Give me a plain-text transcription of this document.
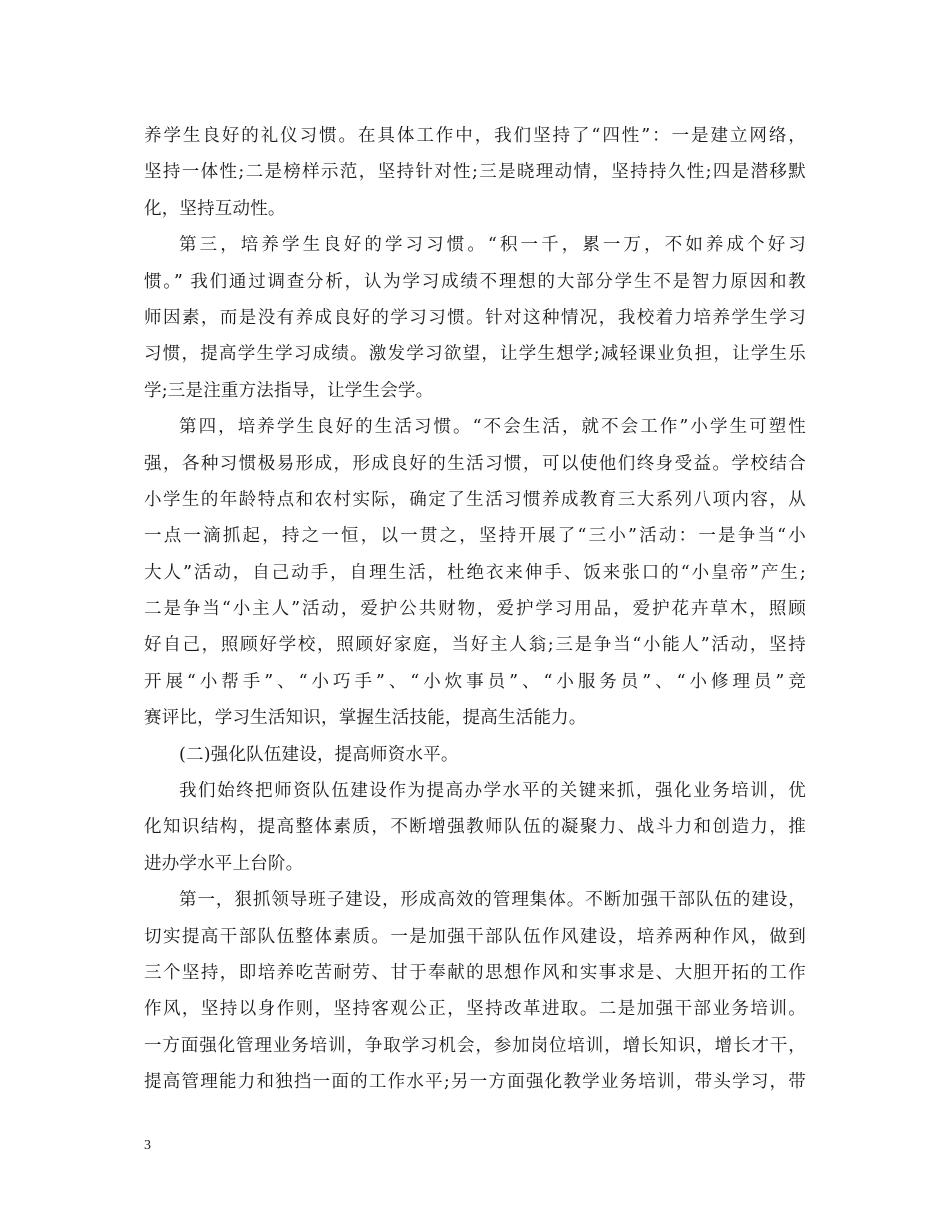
养学生良好的礼仪习惯。在具体工作中，我们坚持了“四性”：一是建立网络，
坚持一体性;二是榜样示范，坚持针对性;三是晓理动情，坚持持久性;四是潜移默
化，坚持互动性。
第三，培养学生良好的学习习惯。“积一千，累一万，不如养成个好习
惯。” 我们通过调查分析，认为学习成绩不理想的大部分学生不是智力原因和教
师因素，而是没有养成良好的学习习惯。针对这种情况，我校着力培养学生学习
习惯，提高学生学习成绩。激发学习欲望，让学生想学;减轻课业负担，让学生乐
学;三是注重方法指导，让学生会学。
第四，培养学生良好的生活习惯。“不会生活，就不会工作”小学生可塑性
强，各种习惯极易形成，形成良好的生活习惯，可以使他们终身受益。学校结合
小学生的年龄特点和农村实际，确定了生活习惯养成教育三大系列八项内容，从
一点一滴抓起，持之一恒，以一贯之，坚持开展了“三小”活动：一是争当“小
大人”活动，自己动手，自理生活，杜绝衣来伸手、饭来张口的“小皇帝”产生;
二是争当“小主人”活动，爱护公共财物，爱护学习用品，爱护花卉草木，照顾
好自己，照顾好学校，照顾好家庭，当好主人翁;三是争当“小能人”活动，坚持
开展“小帮手”、“小巧手”、“小炊事员”、“小服务员”、“小修理员”竞
赛评比，学习生活知识，掌握生活技能，提高生活能力。
(二)强化队伍建设，提高师资水平。
我们始终把师资队伍建设作为提高办学水平的关键来抓，强化业务培训，优
化知识结构，提高整体素质，不断增强教师队伍的凝聚力、战斗力和创造力，推
进办学水平上台阶。
第一，狠抓领导班子建设，形成高效的管理集体。不断加强干部队伍的建设，
切实提高干部队伍整体素质。一是加强干部队伍作风建设，培养两种作风，做到
三个坚持，即培养吃苦耐劳、甘于奉献的思想作风和实事求是、大胆开拓的工作
作风，坚持以身作则，坚持客观公正，坚持改革进取。二是加强干部业务培训。
一方面强化管理业务培训，争取学习机会，参加岗位培训，增长知识，增长才干，
提高管理能力和独挡一面的工作水平;另一方面强化教学业务培训，带头学习，带
3
